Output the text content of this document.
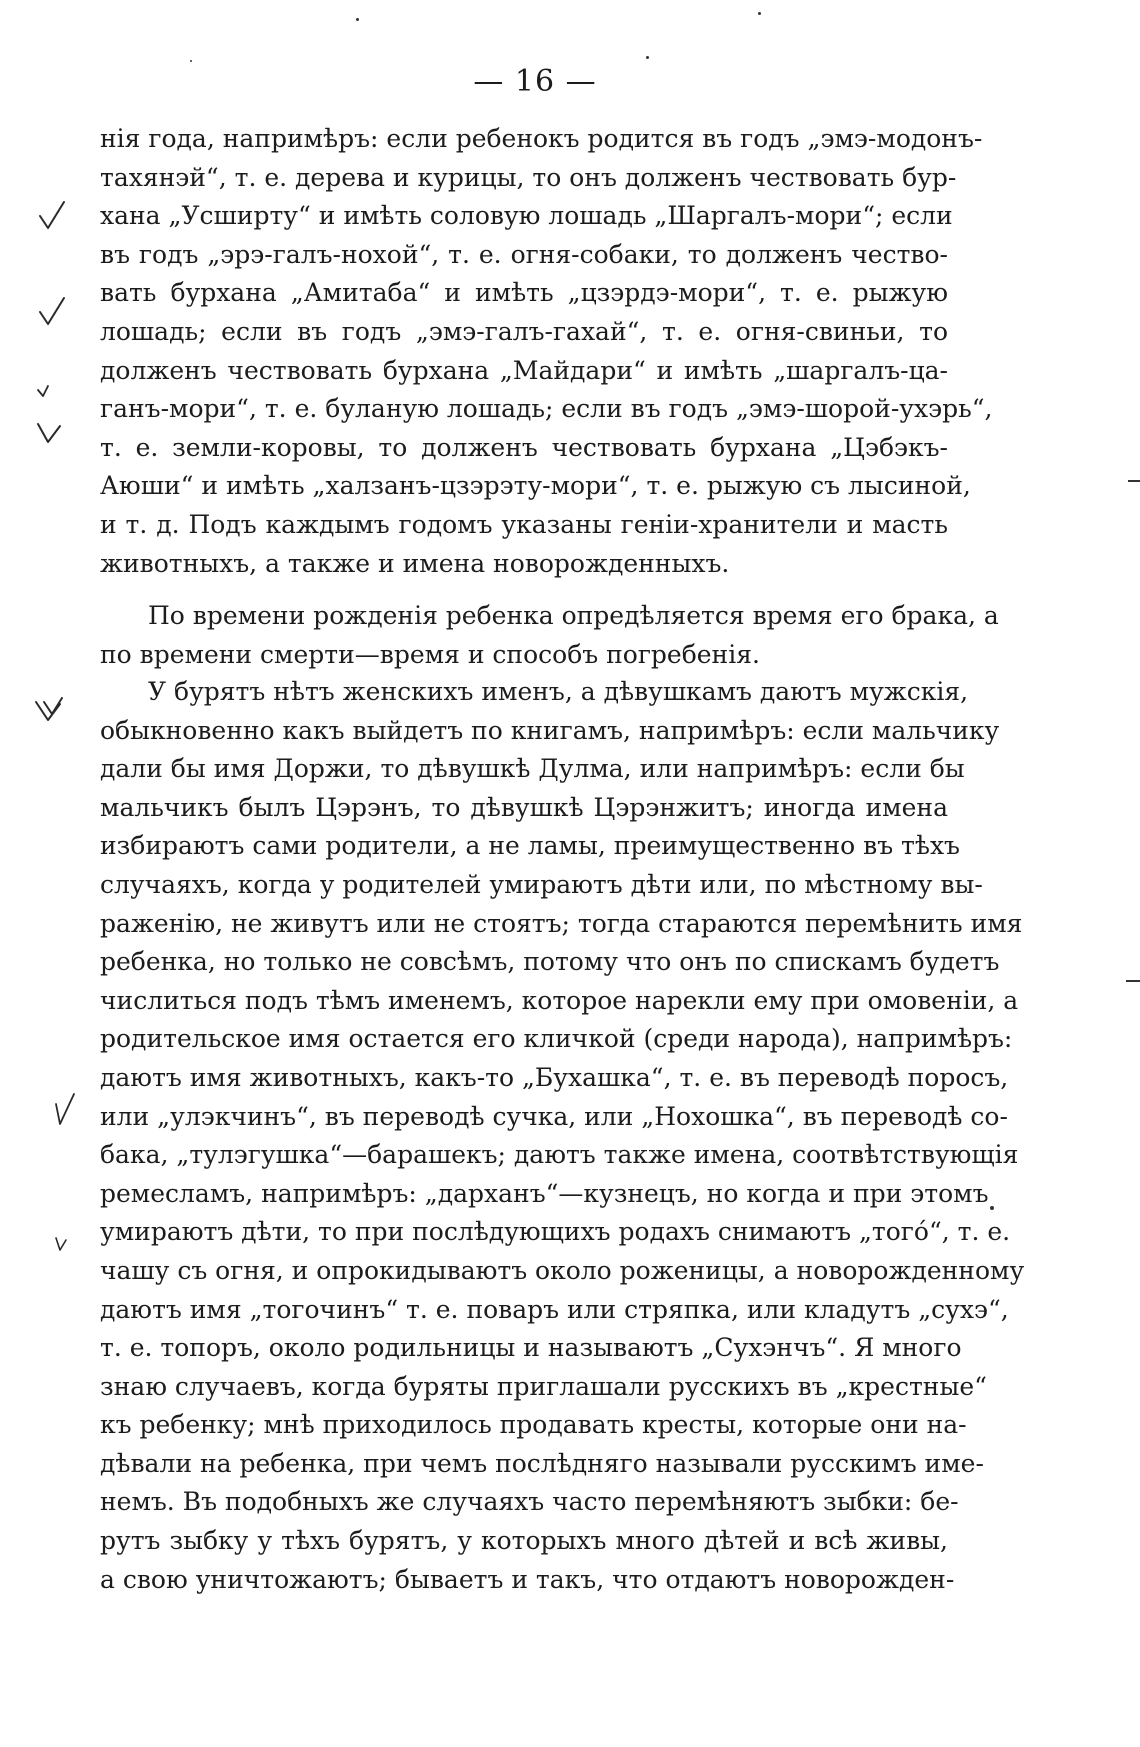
— 16 —
нія года, напримѣръ: если ребенокъ родится въ годъ „эмэ-модонъ-
тахянэй“, т. е. дерева и курицы, то онъ долженъ чествовать бур-
хана „Усширту“ и имѣть соловую лошадь „Шаргалъ-мори“; если
въ годъ „эрэ-галъ-нохой“, т. е. огня-собаки, то долженъ чество-
вать бурхана „Амитаба“ и имѣть „цзэрдэ-мори“, т. е. рыжую
лошадь; если въ годъ „эмэ-галъ-гахай“, т. е. огня-свиньи, то
долженъ чествовать бурхана „Майдари“ и имѣть „шаргалъ-ца-
ганъ-мори“, т. е. буланую лошадь; если въ годъ „эмэ-шорой-ухэрь“,
т. е. земли-коровы, то долженъ чествовать бурхана „Цэбэкъ-
Аюши“ и имѣть „халзанъ-цзэрэту-мори“, т. е. рыжую съ лысиной,
и т. д. Подъ каждымъ годомъ указаны геніи-хранители и масть
животныхъ, а также и имена новорожденныхъ.
По времени рожденія ребенка опредѣляется время его брака, а
по времени смерти—время и способъ погребенія.
У бурятъ нѣтъ женскихъ именъ, а дѣвушкамъ даютъ мужскія,
обыкновенно какъ выйдетъ по книгамъ, напримѣръ: если мальчику
дали бы имя Доржи, то дѣвушкѣ Дулма, или напримѣръ: если бы
мальчикъ былъ Цэрэнъ, то дѣвушкѣ Цэрэнжитъ; иногда имена
избираютъ сами родители, а не ламы, преимущественно въ тѣхъ
случаяхъ, когда у родителей умираютъ дѣти или, по мѣстному вы-
раженію, не живутъ или не стоятъ; тогда стараются перемѣнить имя
ребенка, но только не совсѣмъ, потому что онъ по спискамъ будетъ
числиться подъ тѣмъ именемъ, которое нарекли ему при омовеніи, а
родительское имя остается его кличкой (среди народа), напримѣръ:
даютъ имя животныхъ, какъ-то „Бухашка“, т. е. въ переводѣ поросъ,
или „улэкчинъ“, въ переводѣ сучка, или „Нохошка“, въ переводѣ со-
бака, „тулэгушка“—барашекъ; даютъ также имена, соотвѣтствующія
ремесламъ, напримѣръ: „дарханъ“—кузнецъ, но когда и при этомъ
умираютъ дѣти, то при послѣдующихъ родахъ снимаютъ „тогó“, т. е.
чашу съ огня, и опрокидываютъ около роженицы, а новорожденному
даютъ имя „тогочинъ“ т. е. поваръ или стряпка, или кладутъ „сухэ“,
т. е. топоръ, около родильницы и называютъ „Сухэнчъ“. Я много
знаю случаевъ, когда буряты приглашали русскихъ въ „крестные“
къ ребенку; мнѣ приходилось продавать кресты, которые они на-
дѣвали на ребенка, при чемъ послѣдняго называли русскимъ име-
немъ. Въ подобныхъ же случаяхъ часто перемѣняютъ зыбки: бе-
рутъ зыбку у тѣхъ бурятъ, у которыхъ много дѣтей и всѣ живы,
а свою уничтожаютъ; бываетъ и такъ, что отдаютъ новорожден-
